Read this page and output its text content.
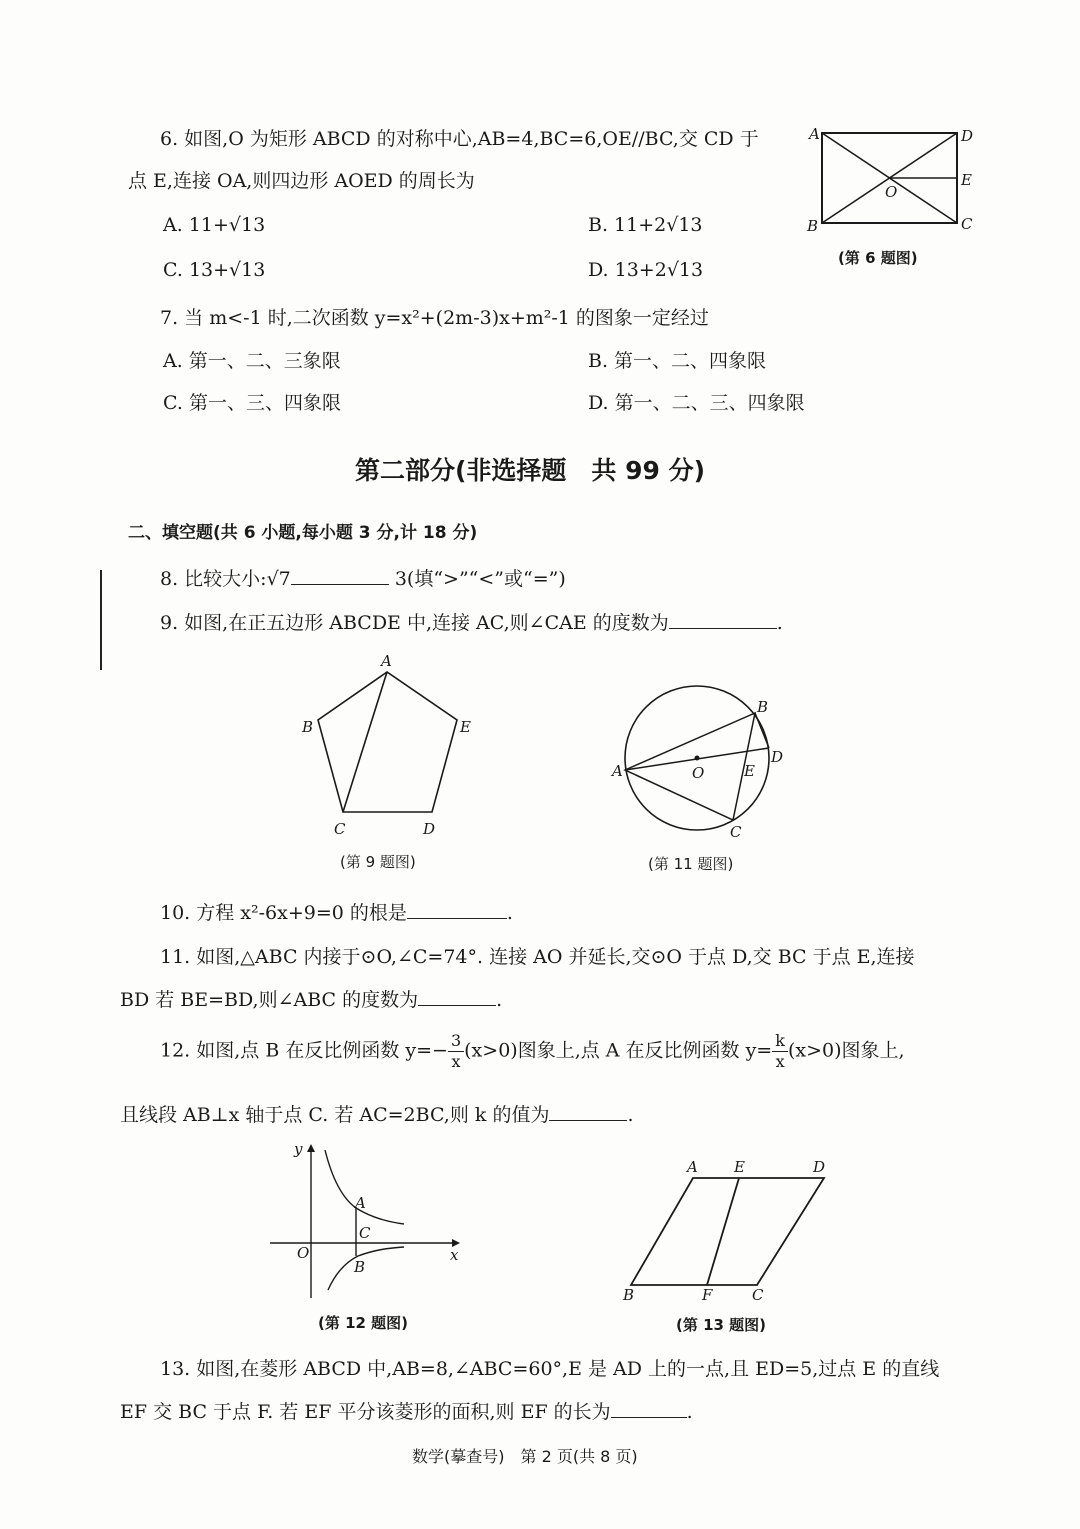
6. 如图,O 为矩形 ABCD 的对称中心,AB=4,BC=6,OE//BC,交 CD 于
点 E,连接 OA,则四边形 AOED 的周长为
A. 11+√13	B. 11+2√13
C. 13+√13	D. 13+2√13
A	D
O
E
B	C
(第 6 题图)
7. 当 m<-1 时,二次函数 y=x²+(2m-3)x+m²-1 的图象一定经过
A. 第一、二、三象限	B. 第一、二、四象限
C. 第一、三、四象限	D. 第一、二、三、四象限
第二部分(非选择题　共 99 分)
二、填空题(共 6 小题,每小题 3 分,计 18 分)
8. 比较大小:√7	3(填“>”“<”或“=”)
9. 如图,在正五边形 ABCDE 中,连接 AC,则∠CAE 的度数为	.
A
B	E
C	D
(第 9 题图)
B
D
A	O	E
C
(第 11 题图)
10. 方程 x²-6x+9=0 的根是	.
11. 如图,△ABC 内接于⊙O,∠C=74°. 连接 AO 并延长,交⊙O 于点 D,交 BC 于点 E,连接
BD 若 BE=BD,则∠ABC 的度数为	.
12. 如图,点 B 在反比例函数 $y=- \frac{3}{x} (x>0)$图象上,点 A 在反比例函数 $y= \frac{k}{x} (x>0)$图象上,
且线段 AB⊥x 轴于点 C. 若 AC=2BC,则 k 的值为	.
y
A
C
O	x
B
(第 12 题图)
A E	D
B	F	C
(第 13 题图)
13. 如图,在菱形 ABCD 中,AB=8,∠ABC=60°,E 是 AD 上的一点,且 ED=5,过点 E 的直线
EF 交 BC 于点 F. 若 EF 平分该菱形的面积,则 EF 的长为	.
数学(摹查号)　第 2 页(共 8 页)
